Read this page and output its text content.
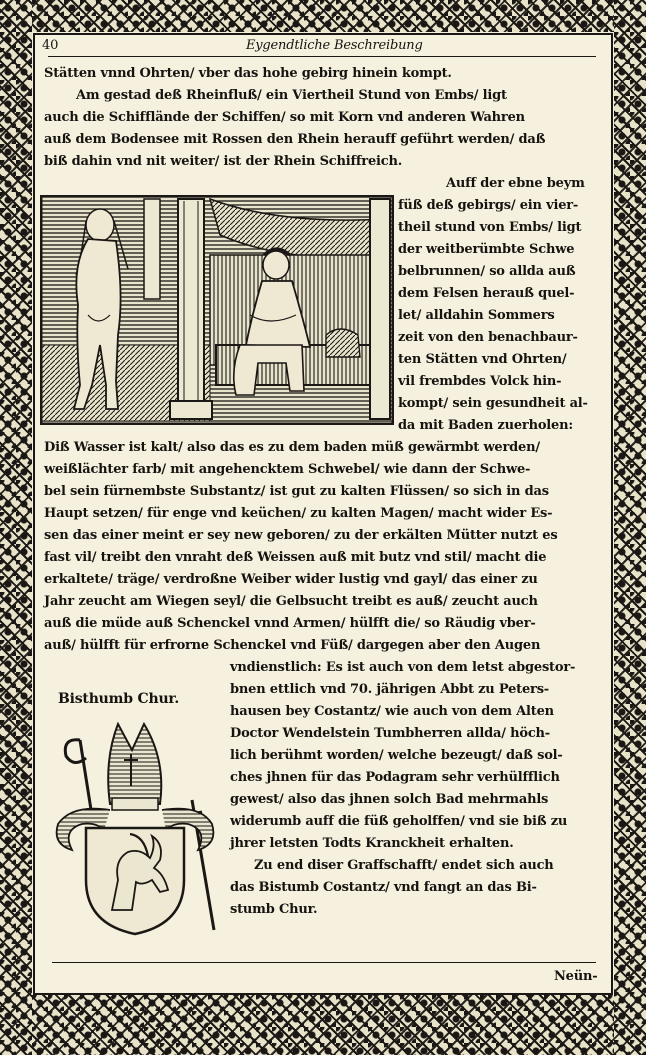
40	Eygendtliche Beschreibung
Stätten vnnd Ohrten/ vber das hohe gebirg hinein kompt.
Am gestad deß Rheinfluß/ ein Viertheil Stund von Embs/ ligt
auch die Schifflände der Schiffen/ so mit Korn vnd anderen Wahren
auß dem Bodensee mit Rossen den Rhein herauff geführt werden/ daß
biß dahin vnd nit weiter/ ist der Rhein Schiffreich.
Auff der ebne beym
füß deß gebirgs/ ein vier-
theil stund von Embs/ ligt
der weitberümbte Schwe
belbrunnen/ so allda auß
dem Felsen herauß quel-
let/ alldahin Sommers
zeit von den benachbaur-
ten Stätten vnd Ohrten/
vil frembdes Volck hin-
kompt/ sein gesundheit al-
da mit Baden zuerholen:
Diß Wasser ist kalt/ also das es zu dem baden müß gewärmbt werden/
weißlächter farb/ mit angehencktem Schwebel/ wie dann der Schwe-
bel sein fürnembste Substantz/ ist gut zu kalten Flüssen/ so sich in das
Haupt setzen/ für enge vnd keüchen/ zu kalten Magen/ macht wider Es-
sen das einer meint er sey new geboren/ zu der erkälten Mütter nutzt es
fast vil/ treibt den vnraht deß Weissen auß mit butz vnd stil/ macht die
erkaltete/ träge/ verdroßne Weiber wider lustig vnd gayl/ das einer zu
Jahr zeucht am Wiegen seyl/ die Gelbsucht treibt es auß/ zeucht auch
auß die müde auß Schenckel vnnd Armen/ hülfft die/ so Räudig vber-
auß/ hülfft für erfrorne Schenckel vnd Füß/ dargegen aber den Augen
vndienstlich: Es ist auch von dem letst abgestor-
Bisthumb Chur.
bnen ettlich vnd 70. jährigen Abbt zu Peters-
hausen bey Costantz/ wie auch von dem Alten
Doctor Wendelstein Tumbherren allda/ höch-
lich berühmt worden/ welche bezeugt/ daß sol-
ches jhnen für das Podagram sehr verhülfflich
gewest/ also das jhnen solch Bad mehrmahls
widerumb auff die füß geholffen/ vnd sie biß zu
jhrer letsten Todts Kranckheit erhalten.
Zu end diser Graffschafft/ endet sich auch
das Bistumb Costantz/ vnd fangt an das Bi-
stumb Chur.
Neün-
